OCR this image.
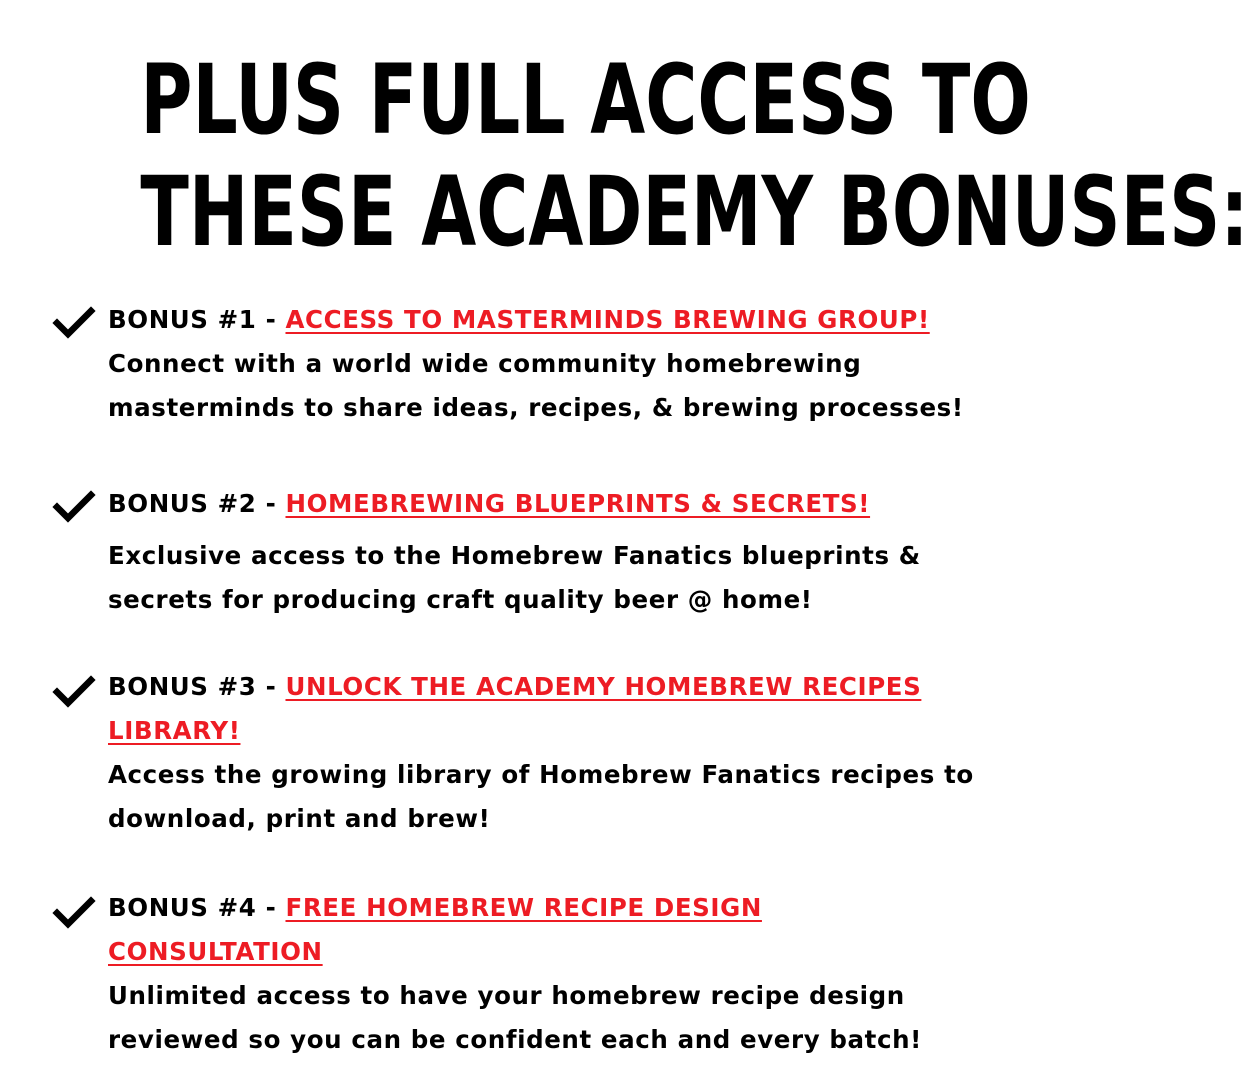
PLUS FULL ACCESS TO
THESE ACADEMY BONUSES:
BONUS #1 - ACCESS TO MASTERMINDS BREWING GROUP!
Connect with a world wide community homebrewing
masterminds to share ideas, recipes, & brewing processes!
BONUS #2 - HOMEBREWING BLUEPRINTS & SECRETS!
Exclusive access to the Homebrew Fanatics blueprints &
secrets for producing craft quality beer @ home!
BONUS #3 - UNLOCK THE ACADEMY HOMEBREW RECIPES
LIBRARY!
Access the growing library of Homebrew Fanatics recipes to
download, print and brew!
BONUS #4 - FREE HOMEBREW RECIPE DESIGN
CONSULTATION
Unlimited access to have your homebrew recipe design
reviewed so you can be confident each and every batch!
